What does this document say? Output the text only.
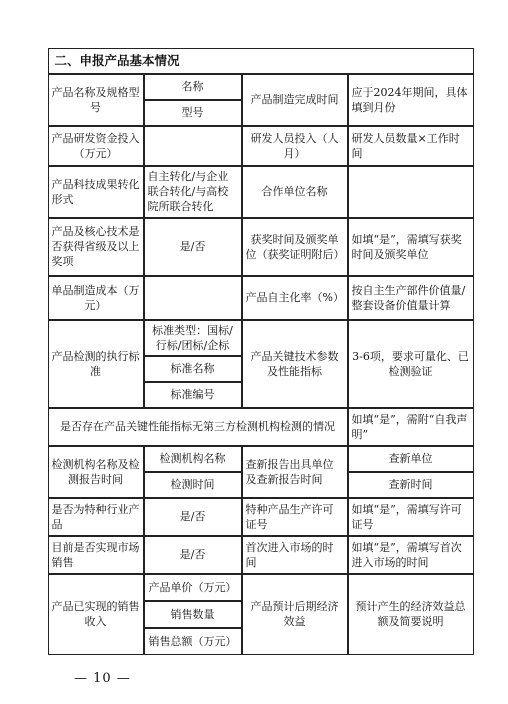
二、申报产品基本情况
产品名称及规格型号
名称
型号
产品制造完成时间
应于2024年期间，具体填到月份
产品研发资金投入（万元）
研发人员投入（人月）
研发人员数量×工作时间
产品科技成果转化形式
自主转化/与企业联合转化/与高校院所联合转化
合作单位名称
产品及核心技术是否获得省级及以上奖项
是/否
获奖时间及颁奖单位（获奖证明附后）
如填“是”，需填写获奖时间及颁奖单位
单品制造成本（万元）
产品自主化率（%）
按自主生产部件价值量/整套设备价值量计算
产品检测的执行标准
标准类型：国标/行标/团标/企标
标准名称
标准编号
产品关键技术参数及性能指标
3-6项，要求可量化、已检测验证
是否存在产品关键性能指标无第三方检测机构检测的情况
如填“是”，需附“自我声明”
检测机构名称及检测报告时间
检测机构名称
检测时间
查新报告出具单位及查新报告时间
查新单位
查新时间
是否为特种行业产品
是/否
特种产品生产许可证号
如填“是”，需填写许可证号
目前是否实现市场销售
是/否
首次进入市场的时间
如填“是”，需填写首次进入市场的时间
产品已实现的销售收入
产品单价（万元）
销售数量
销售总额（万元）
产品预计后期经济效益
预计产生的经济效益总额及简要说明
— 10 —
